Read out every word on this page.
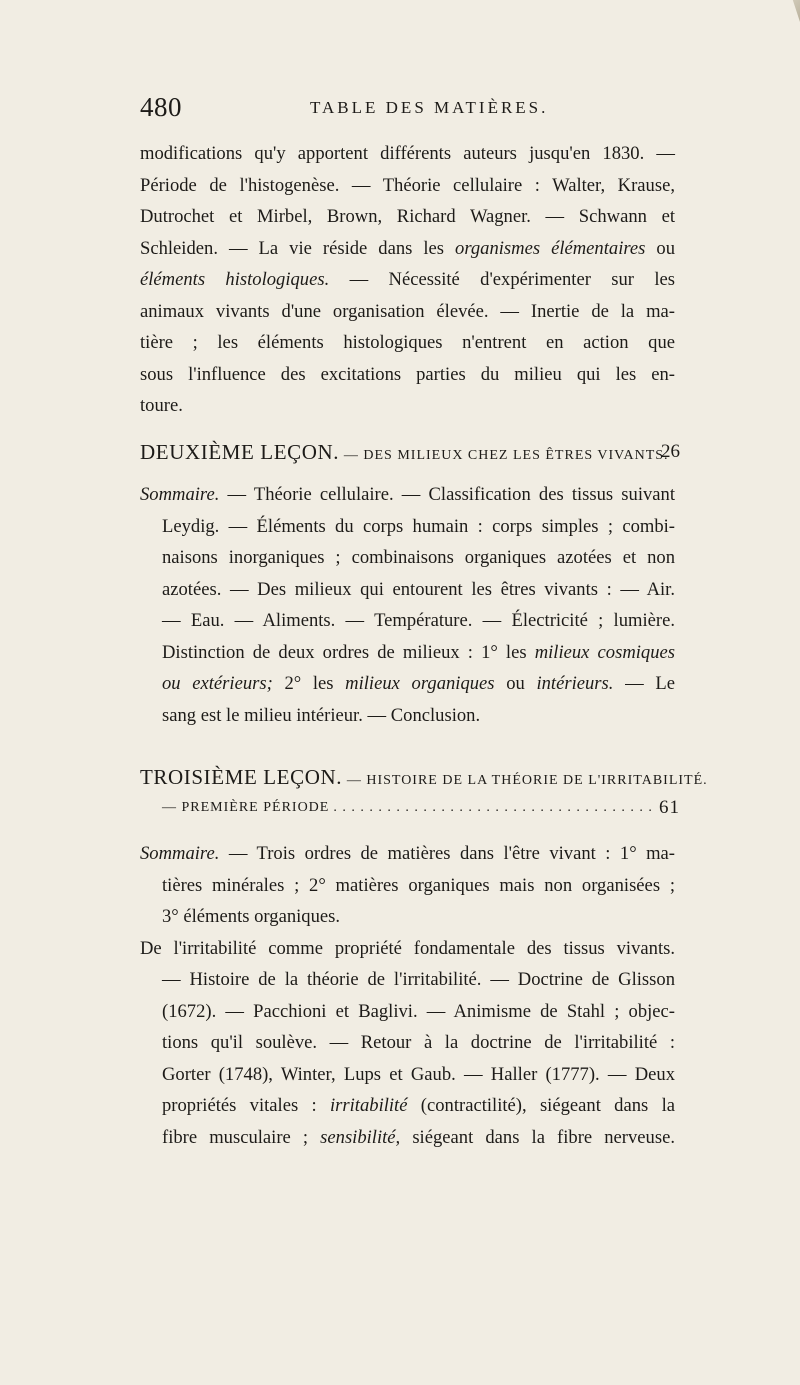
480	TABLE DES MATIÈRES.
modifications qu'y apportent différents auteurs jusqu'en 1830. —
Période de l'histogenèse. — Théorie cellulaire : Walter, Krause,
Dutrochet et Mirbel, Brown, Richard Wagner. — Schwann et
Schleiden. — La vie réside dans les organismes élémentaires ou
éléments histologiques. — Nécessité d'expérimenter sur les
animaux vivants d'une organisation élevée. — Inertie de la ma-
tière ; les éléments histologiques n'entrent en action que
sous l'influence des excitations parties du milieu qui les en-
toure.
DEUXIÈME LEÇON. — DES MILIEUX CHEZ LES ÊTRES VIVANTS.
26
Sommaire. — Théorie cellulaire. — Classification des tissus suivant
Leydig. — Éléments du corps humain : corps simples ; combi-
naisons inorganiques ; combinaisons organiques azotées et non
azotées. — Des milieux qui entourent les êtres vivants : — Air.
— Eau. — Aliments. — Température. — Électricité ; lumière.
Distinction de deux ordres de milieux : 1° les milieux cosmiques
ou extérieurs; 2° les milieux organiques ou intérieurs. — Le
sang est le milieu intérieur. — Conclusion.
TROISIÈME LEÇON. — HISTOIRE DE LA THÉORIE DE L'IRRITABILITÉ.
— PREMIÈRE PÉRIODE . . .	61
Sommaire. — Trois ordres de matières dans l'être vivant : 1° ma-
tières minérales ; 2° matières organiques mais non organisées ;
3° éléments organiques.
De l'irritabilité comme propriété fondamentale des tissus vivants.
— Histoire de la théorie de l'irritabilité. — Doctrine de Glisson
(1672). — Pacchioni et Baglivi. — Animisme de Stahl ; objec-
tions qu'il soulève. — Retour à la doctrine de l'irritabilité :
Gorter (1748), Winter, Lups et Gaub. — Haller (1777). — Deux
propriétés vitales : irritabilité (contractilité), siégeant dans la
fibre musculaire ; sensibilité, siégeant dans la fibre nerveuse.
